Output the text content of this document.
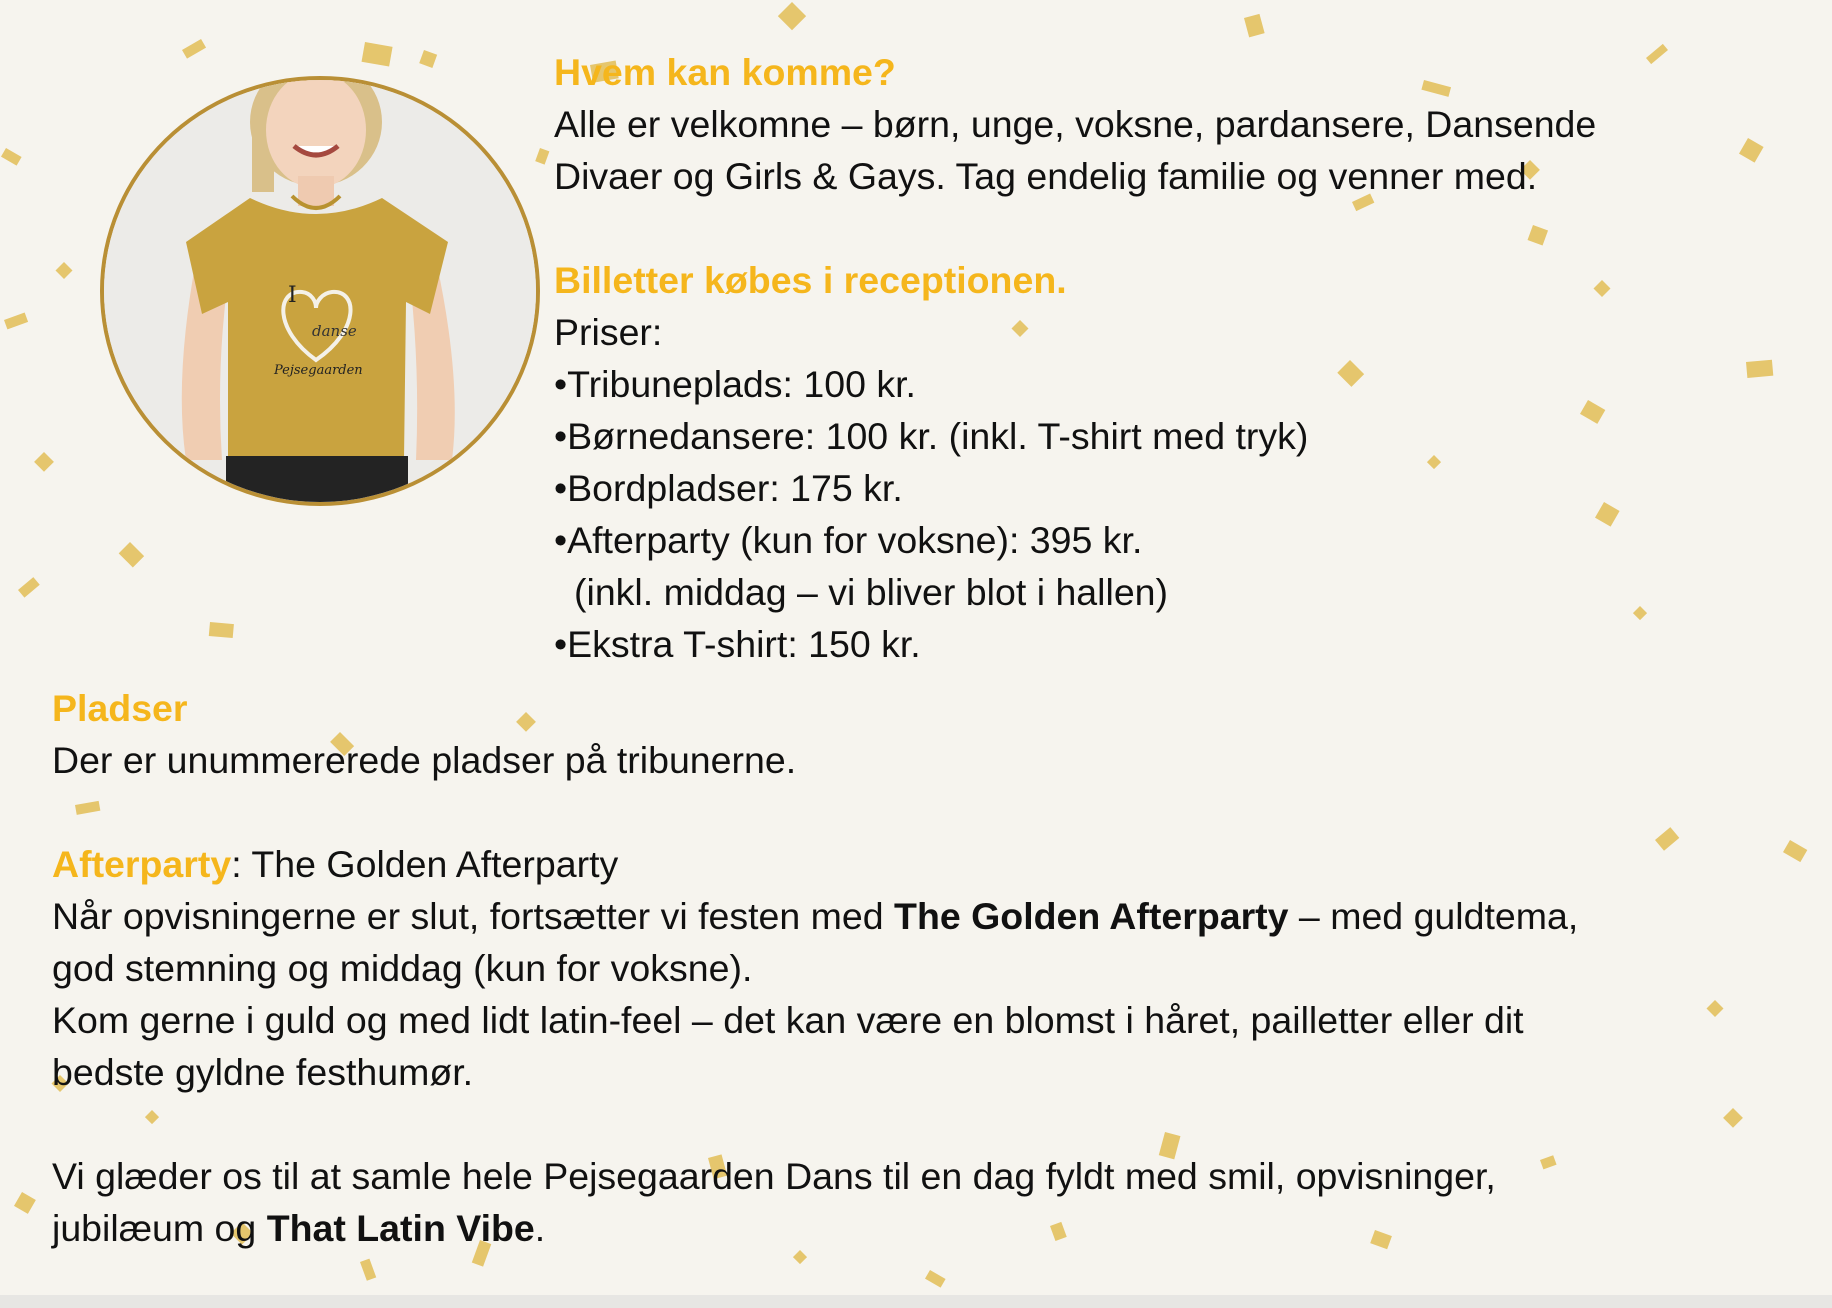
I
danse
Pejsegaarden
Hvem kan komme?
Alle er velkomne – børn, unge, voksne, pardansere, Dansende
Divaer og Girls & Gays. Tag endelig familie og venner med.
Billetter købes i receptionen.
Priser:
•Tribuneplads: 100 kr.
•Børnedansere: 100 kr. (inkl. T-shirt med tryk)
•Bordpladser: 175 kr.
•Afterparty (kun for voksne): 395 kr.
(inkl. middag – vi bliver blot i hallen)
•Ekstra T-shirt: 150 kr.
Pladser
Der er unummererede pladser på tribunerne.
Afterparty: The Golden Afterparty
Når opvisningerne er slut, fortsætter vi festen med The Golden Afterparty – med guldtema,
god stemning og middag (kun for voksne).
Kom gerne i guld og med lidt latin-feel – det kan være en blomst i håret, pailletter eller dit
bedste gyldne festhumør.
Vi glæder os til at samle hele Pejsegaarden Dans til en dag fyldt med smil, opvisninger,
jubilæum og That Latin Vibe.
